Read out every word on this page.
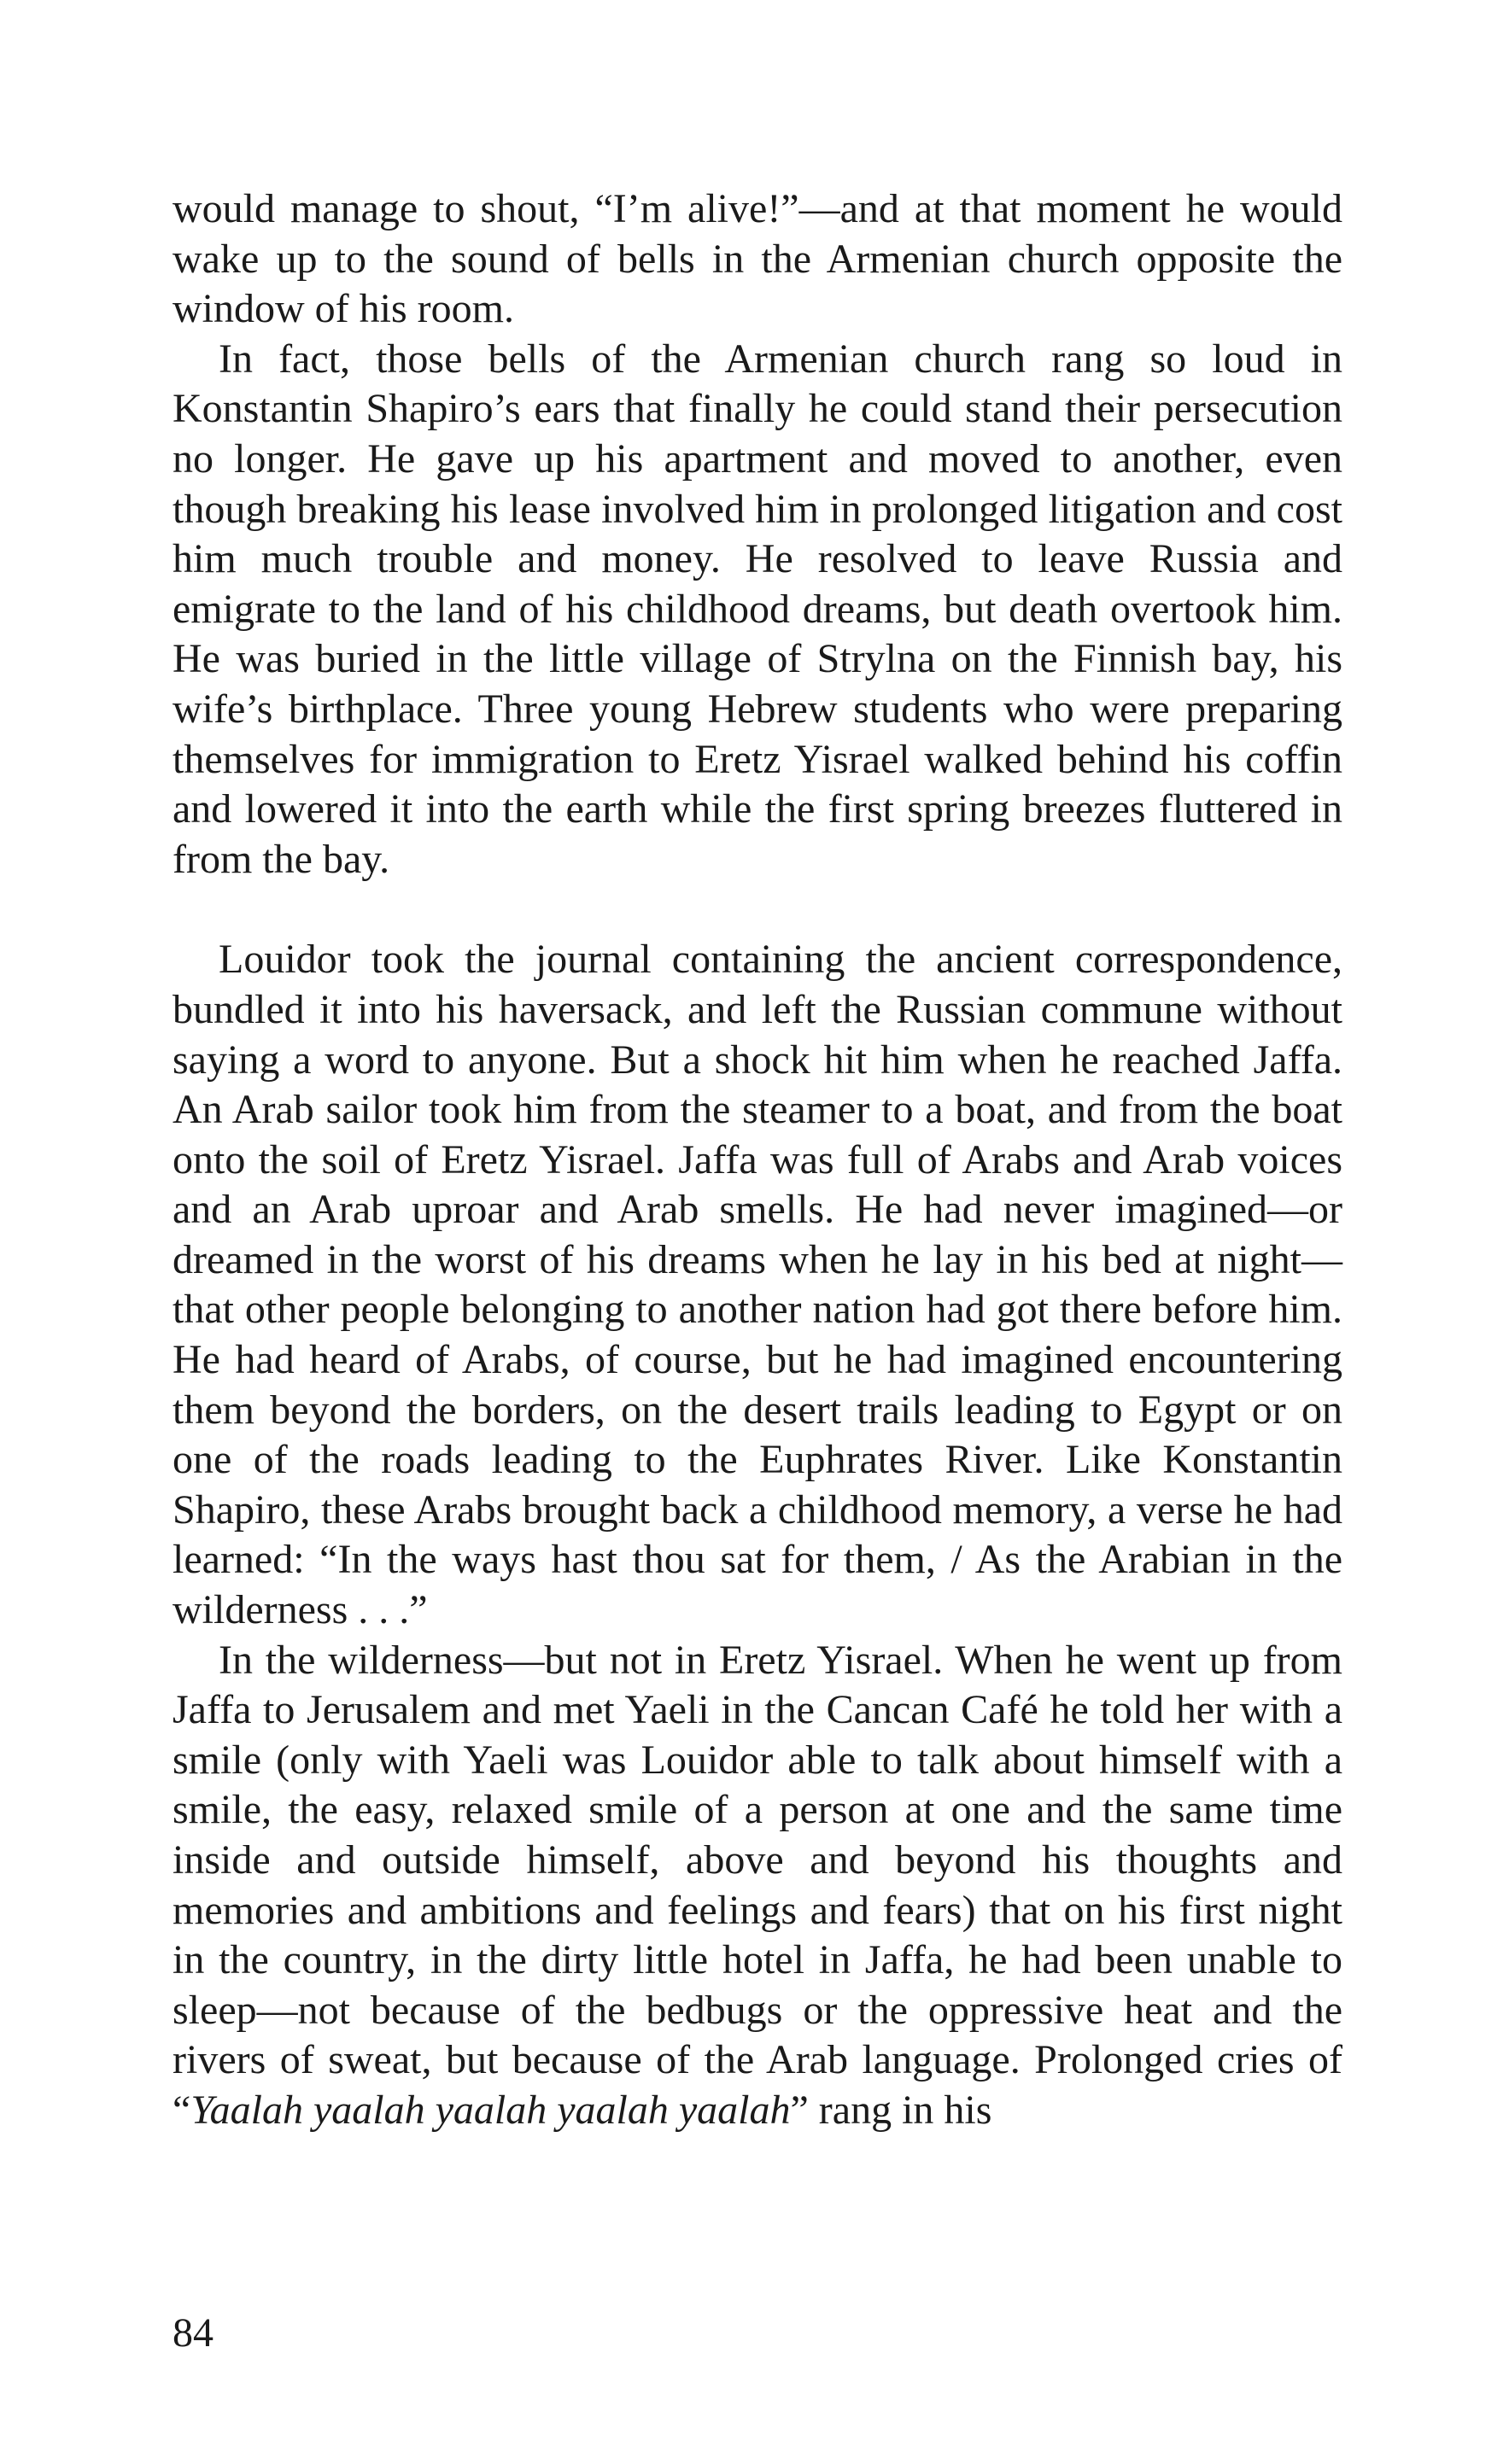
would manage to shout, “I’m alive!”—and at that moment he would wake up to the sound of bells in the Armenian church opposite the window of his room.

In fact, those bells of the Armenian church rang so loud in Konstantin Shapiro’s ears that finally he could stand their persecution no longer. He gave up his apartment and moved to another, even though breaking his lease involved him in prolonged litigation and cost him much trouble and money. He resolved to leave Russia and emigrate to the land of his childhood dreams, but death overtook him. He was buried in the little village of Strylna on the Finnish bay, his wife’s birthplace. Three young Hebrew students who were preparing themselves for immigration to Eretz Yisrael walked behind his coffin and lowered it into the earth while the first spring breezes fluttered in from the bay.

Louidor took the journal containing the ancient correspondence, bundled it into his haversack, and left the Russian commune without saying a word to anyone. But a shock hit him when he reached Jaffa. An Arab sailor took him from the steamer to a boat, and from the boat onto the soil of Eretz Yisrael. Jaffa was full of Arabs and Arab voices and an Arab uproar and Arab smells. He had never imagined—or dreamed in the worst of his dreams when he lay in his bed at night—that other people belonging to another nation had got there before him. He had heard of Arabs, of course, but he had imagined encountering them beyond the borders, on the desert trails leading to Egypt or on one of the roads leading to the Euphrates River. Like Konstantin Shapiro, these Arabs brought back a childhood memory, a verse he had learned: “In the ways hast thou sat for them, / As the Arabian in the wilderness . . .”

In the wilderness—but not in Eretz Yisrael. When he went up from Jaffa to Jerusalem and met Yaeli in the Cancan Café he told her with a smile (only with Yaeli was Louidor able to talk about himself with a smile, the easy, relaxed smile of a person at one and the same time inside and outside himself, above and beyond his thoughts and memories and ambitions and feelings and fears) that on his first night in the country, in the dirty little hotel in Jaffa, he had been unable to sleep—not because of the bedbugs or the oppressive heat and the rivers of sweat, but because of the Arab language. Prolonged cries of “Yaalah yaalah yaalah yaalah yaalah” rang in his

84
